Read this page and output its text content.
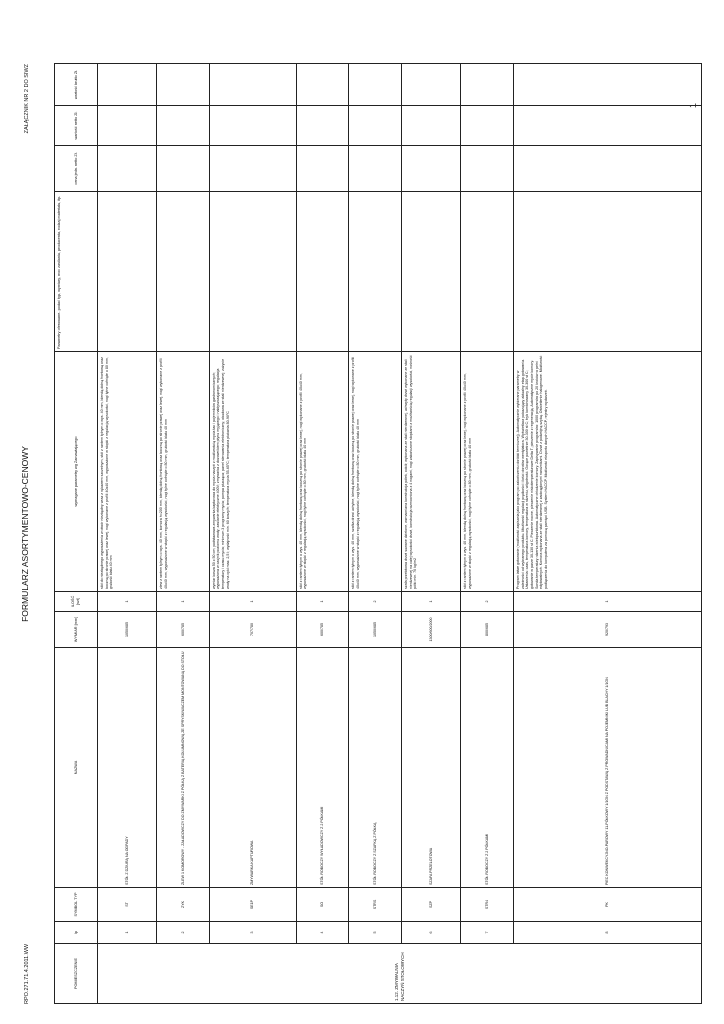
1
RPO.271.71.4.2011.WW
FORMULARZ ASORTYMENTOWO-CENOWY
ZAŁĄCZNIK NR 2 DO SIWZ
POMIESZCZENIE	lp	SYMBOL TYP	NAZWA	WYMIAR [mm]	ILOŚĆ [szt]	wymagane parametry wg Zamawiającego	Parametry oferowane- podać typ, wymiary, moc zasilania, producenta, rodzaj materiału, itp.	cena jedn. netto Zł.	wartość netto Zł.	wartość brutto Zł.
1.12. ZMYWALNIA NACZYŃ STOŁOWYCH	1	ST	STÓŁ Z DZIURĄ NA ODPADY	1050/685	1	stół do niezbędnego wyposażenia w otwór niezbędny wraz z rękawem szczelnym, stół z rantem tylnym o wys. 40 mm, blendą dolną frontową oraz boczną po stronie prawej oraz lewej, nogi wykonane z profili 40x40 mm, wyposażone w stopki z regulacją wysokości, nogi tylne cofnięte o 80 mm, grubość blatu 40 mm				
	2	ZYK	ZLEW 1 KOMOROWY - ZAŁADOWCZY DO ZMYWARKI Z PÓŁKĄ Z BATERIĄ KOLUMNOWĄ ZE SPRYSKIWACZEM MONTOWANĄ DO STOŁU	600/785	1	zlew z rantem tylnym o wys. 40 mm, komora h=200 mm, blendą dolną frontową oraz boczną po stronie prawej oraz lewej, nogi wykonane z profili 40x40 mm, wyposażone w stopki z regulacją wysokości, nogi tylne cofnięte o 80 mm, grubość blatu 40 mm				
	3	SE1P	ZMYWARKA KAPTUROWA	707/780	1	wymiar kosza 50 x 50 cm; podstawowa zmywarka kapturowa do mycia naczyń z możliwością mycia tac i pojemników gastronomicznych; wyposażona w czujnik poziomu wody; zasilanie elektryczne 400V; zmywarka z dozownikiem płynu myjącego i nabłyszczającego; regulacja temperatury i czasu mycia; minimum 3 programy mycia; pompa płucząca; panel sterowania elektroniczny; obudowa ze stali nierdzewnej; zużycie wody na cykl max. 2,5 l; wydajność min. 60 koszy/h; temperatura mycia 55-65°C; temperatura płukania 80-90°C				
	4	SO	STÓŁ ROBOCZY WYŁADOWCZY Z 2 PÓŁKAMI	600/785	1	stół z rantem tylnym o wys. 40 mm, blendą dolną frontową oraz boczną po stronie prawej oraz lewej, nogi wykonane z profili 40x40 mm, wyposażone w stopki z regulacją wysokości, nogi tylne cofnięte o 80 mm, grubość blatu 40 mm				
	5	STRS	STÓŁ ROBOCZY Z SZAFKĄ Z PÓŁKĄ	1050/685	2	stół z rantem tylnym o wys. 40 mm, szafka drzwi uchylne, blendą dolną frontową oraz boczną po stronie prawej oraz lewej, nogi wykonane z profili 40x40 mm, wyposażone w stopki z regulacją wysokości, nogi tylne cofnięte o 80 mm, grubość blatu 40 mm				
	6	SZP	SZAFA PRZELOTOWA	1300/600/2000	1	szafa przelotowa drzwi suwane dzielone, wzmacniana konstrukcja półek, cokół; wykonana ze stali nierdzewnej, uchwyty drzwi wykonane ze stali nierdzewnej na całej wysokości drzwi, konstrukcja wzmocniona z 4 nogami, nogi zakończone stopkami z możliwością regulacji wysokości, nośność półki min. 70 kg/m2				
	7	STR4	STÓŁ ROBOCZY Z 2 PÓŁKAMI	800/685	2	stół z rantem tylnym o wys. 40 mm, blendą dolną frontową oraz boczną po stronie prawej oraz lewej, nogi wykonane z profili 40x40 mm, wyposażone w stopki z regulacją wysokości, nogi tylne cofnięte o 80 mm, grubość blatu 40 mm				
	8	PK	PIEC KONWEKCYJNO-PAROWY 11-PÓŁKOWY 1/1GN Z PODSTAWĄ Z PROWADNICAMI NA POJEMNIKI LUB BLACHY 1/1GN	920/793	1	Program łatwe gotowanie (możliwość zapisania jako program po zakończeniu obróbki termicznej). Automatycznie wybierane parametry w zależności od wybranego produktu. Możliwość regulacji prędkości i ilości obrotów wentylatora. Wyświetlacz pokazujący aktualny etap gotowania. Ustawienia: czas, temperatura komory, temperatura w rdzeniu, wilgotność. Gorące powietrze 30-300 st C; tryb kombinowany 30-300 st C; gotowanie w parze 30-130 st C. Pieczenie nocne, pieczenie niskotemperaturowe Delta T, pieczenie z regeneracją. Automatyczne mycie komory. Sonda temperatury rdzenia wielopunktowa. Automatyczne chłodzenie komory. Zapisywanie programów: 1000 programów po 20 kroków w pełni edytowalnych. Komora wykonana ze stali nierdzewnej z zaokrąglonymi narożnikami. Drzwi z podwójną szybą. Oświetlenie halogenowe. Możliwość podłączenia do komputera za pomocą pamięci USB. System HACCP. Możliwość eksportu danych HACCP, rejestry wydarzeń.				
